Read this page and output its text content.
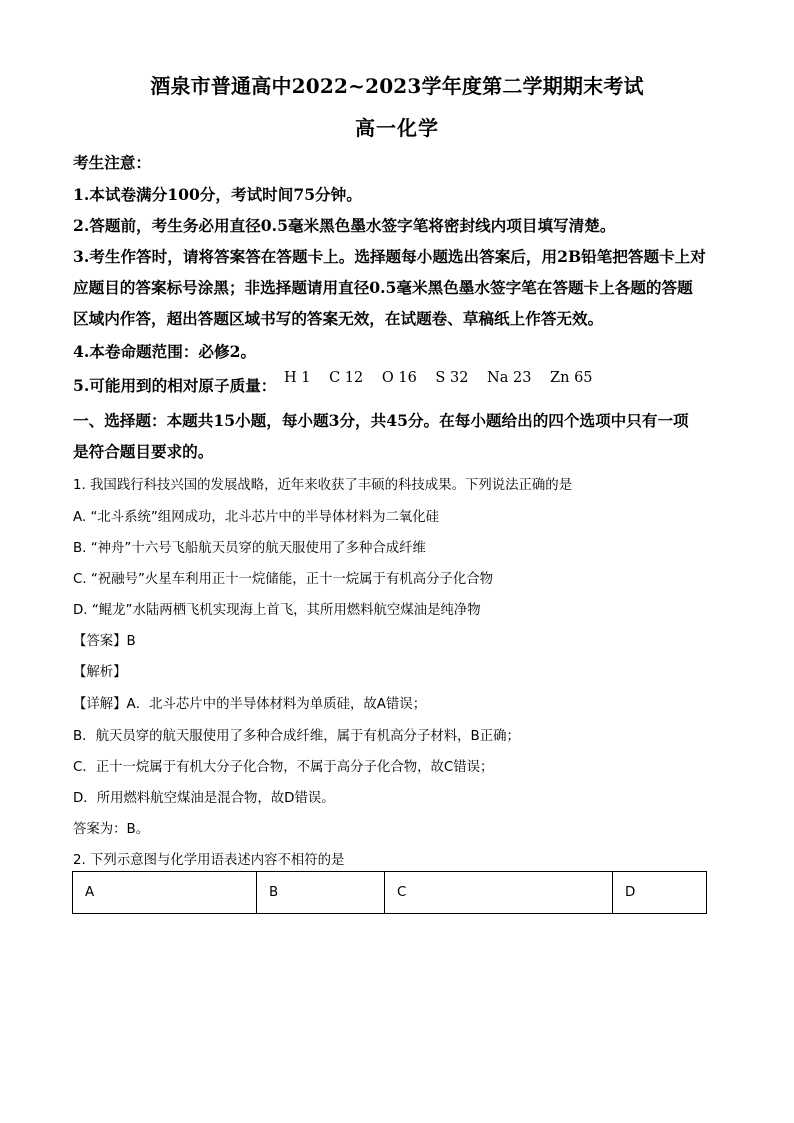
酒泉市普通高中2022~2023学年度第二学期期末考试
高一化学
考生注意：
1.本试卷满分100分，考试时间75分钟。
2.答题前，考生务必用直径0.5毫米黑色墨水签字笔将密封线内项目填写清楚。
3.考生作答时，请将答案答在答题卡上。选择题每小题选出答案后，用2B铅笔把答题卡上对
应题目的答案标号涂黑；非选择题请用直径0.5毫米黑色墨水签字笔在答题卡上各题的答题
区域内作答，超出答题区域书写的答案无效，在试题卷、草稿纸上作答无效。
4.本卷命题范围：必修2。
5.可能用到的相对原子质量： H 1 C 12 O 16 S 32 Na 23 Zn 65
一、选择题：本题共15小题，每小题3分，共45分。在每小题给出的四个选项中只有一项
是符合题目要求的。
1. 我国践行科技兴国的发展战略，近年来收获了丰硕的科技成果。下列说法正确的是
A. “北斗系统”组网成功，北斗芯片中的半导体材料为二氧化硅
B. “神舟”十六号飞船航天员穿的航天服使用了多种合成纤维
C. “祝融号”火星车利用正十一烷储能，正十一烷属于有机高分子化合物
D. “鲲龙”水陆两栖飞机实现海上首飞，其所用燃料航空煤油是纯净物
【答案】B
【解析】
【详解】A．北斗芯片中的半导体材料为单质硅，故A错误；
B．航天员穿的航天服使用了多种合成纤维，属于有机高分子材料，B正确；
C．正十一烷属于有机大分子化合物，不属于高分子化合物，故C错误；
D．所用燃料航空煤油是混合物，故D错误。
答案为：B。
2. 下列示意图与化学用语表述内容不相符的是
A	B	C	D
